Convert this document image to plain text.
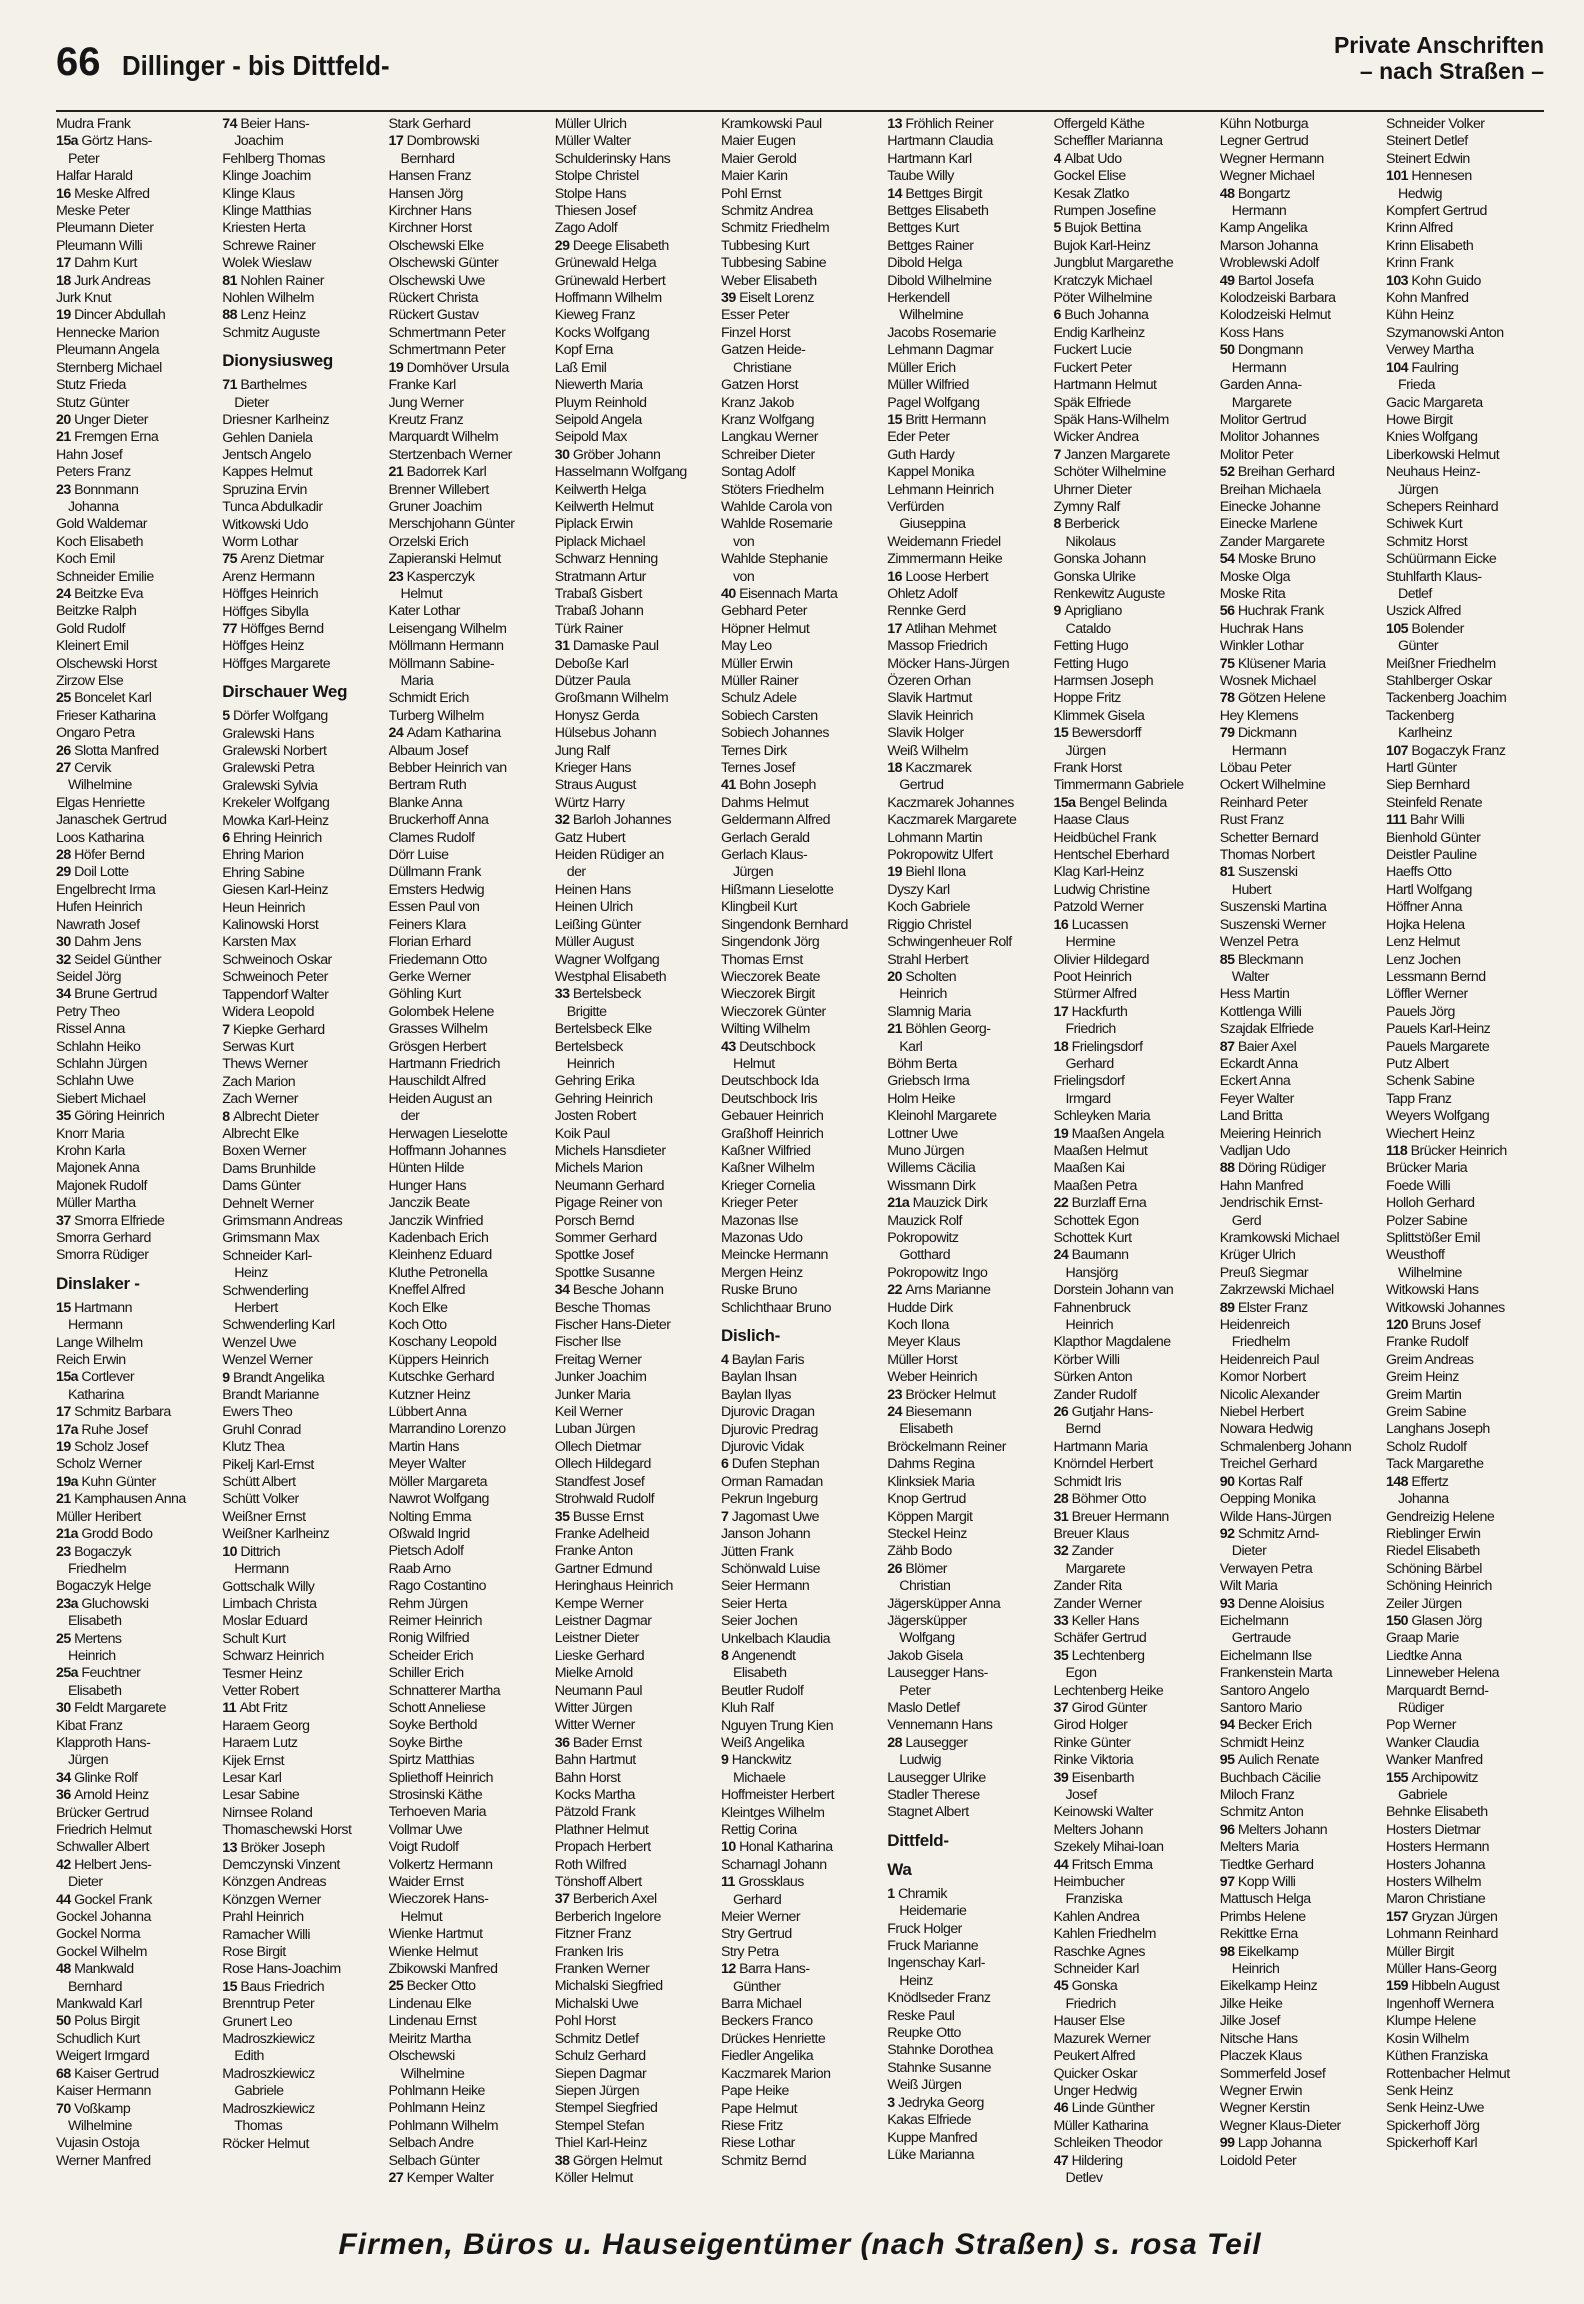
66 Dillinger - bis Dittfeld-
Private Anschriften
– nach Straßen –
Mudra Frank
15a Görtz Hans-
Peter
Halfar Harald
16 Meske Alfred
Meske Peter
Pleumann Dieter
Pleumann Willi
17 Dahm Kurt
18 Jurk Andreas
Jurk Knut
19 Dincer Abdullah
Hennecke Marion
Pleumann Angela
Sternberg Michael
Stutz Frieda
Stutz Günter
20 Unger Dieter
21 Fremgen Erna
Hahn Josef
Peters Franz
23 Bonnmann
Johanna
Gold Waldemar
Koch Elisabeth
Koch Emil
Schneider Emilie
24 Beitzke Eva
Beitzke Ralph
Gold Rudolf
Kleinert Emil
Olschewski Horst
Zirzow Else
25 Boncelet Karl
Frieser Katharina
Ongaro Petra
26 Slotta Manfred
27 Cervik
Wilhelmine
Elgas Henriette
Janaschek Gertrud
Loos Katharina
28 Höfer Bernd
29 Doil Lotte
Engelbrecht Irma
Hufen Heinrich
Nawrath Josef
30 Dahm Jens
32 Seidel Günther
Seidel Jörg
34 Brune Gertrud
Petry Theo
Rissel Anna
Schlahn Heiko
Schlahn Jürgen
Schlahn Uwe
Siebert Michael
35 Göring Heinrich
Knorr Maria
Krohn Karla
Majonek Anna
Majonek Rudolf
Müller Martha
37 Smorra Elfriede
Smorra Gerhard
Smorra Rüdiger
Dinslaker -
15 Hartmann
Hermann
Lange Wilhelm
Reich Erwin
15a Cortlever
Katharina
17 Schmitz Barbara
17a Ruhe Josef
19 Scholz Josef
Scholz Werner
19a Kuhn Günter
21 Kamphausen Anna
Müller Heribert
21a Grodd Bodo
23 Bogaczyk
Friedhelm
Bogaczyk Helge
23a Gluchowski
Elisabeth
25 Mertens
Heinrich
25a Feuchtner
Elisabeth
30 Feldt Margarete
Kibat Franz
Klapproth Hans-
Jürgen
34 Glinke Rolf
36 Arnold Heinz
Brücker Gertrud
Friedrich Helmut
Schwaller Albert
42 Helbert Jens-
Dieter
44 Gockel Frank
Gockel Johanna
Gockel Norma
Gockel Wilhelm
48 Mankwald
Bernhard
Mankwald Karl
50 Polus Birgit
Schudlich Kurt
Weigert Irmgard
68 Kaiser Gertrud
Kaiser Hermann
70 Voßkamp
Wilhelmine
Vujasin Ostoja
Werner Manfred
74 Beier Hans-
Joachim
Fehlberg Thomas
Klinge Joachim
Klinge Klaus
Klinge Matthias
Kriesten Herta
Schrewe Rainer
Wolek Wieslaw
81 Nohlen Rainer
Nohlen Wilhelm
88 Lenz Heinz
Schmitz Auguste
Dionysiusweg
71 Barthelmes
Dieter
Driesner Karlheinz
Gehlen Daniela
Jentsch Angelo
Kappes Helmut
Spruzina Ervin
Tunca Abdulkadir
Witkowski Udo
Worm Lothar
75 Arenz Dietmar
Arenz Hermann
Höffges Heinrich
Höffges Sibylla
77 Höffges Bernd
Höffges Heinz
Höffges Margarete
Dirschauer Weg
5 Dörfer Wolfgang
Gralewski Hans
Gralewski Norbert
Gralewski Petra
Gralewski Sylvia
Krekeler Wolfgang
Mowka Karl-Heinz
6 Ehring Heinrich
Ehring Marion
Ehring Sabine
Giesen Karl-Heinz
Heun Heinrich
Kalinowski Horst
Karsten Max
Schweinoch Oskar
Schweinoch Peter
Tappendorf Walter
Widera Leopold
7 Kiepke Gerhard
Serwas Kurt
Thews Werner
Zach Marion
Zach Werner
8 Albrecht Dieter
Albrecht Elke
Boxen Werner
Dams Brunhilde
Dams Günter
Dehnelt Werner
Grimsmann Andreas
Grimsmann Max
Schneider Karl-
Heinz
Schwenderling
Herbert
Schwenderling Karl
Wenzel Uwe
Wenzel Werner
9 Brandt Angelika
Brandt Marianne
Ewers Theo
Gruhl Conrad
Klutz Thea
Pikelj Karl-Ernst
Schütt Albert
Schütt Volker
Weißner Ernst
Weißner Karlheinz
10 Dittrich
Hermann
Gottschalk Willy
Limbach Christa
Moslar Eduard
Schult Kurt
Schwarz Heinrich
Tesmer Heinz
Vetter Robert
11 Abt Fritz
Haraem Georg
Haraem Lutz
Kijek Ernst
Lesar Karl
Lesar Sabine
Nirnsee Roland
Thomaschewski Horst
13 Bröker Joseph
Demczynski Vinzent
Könzgen Andreas
Könzgen Werner
Prahl Heinrich
Ramacher Willi
Rose Birgit
Rose Hans-Joachim
15 Baus Friedrich
Brenntrup Peter
Grunert Leo
Madroszkiewicz
Edith
Madroszkiewicz
Gabriele
Madroszkiewicz
Thomas
Röcker Helmut
Stark Gerhard
17 Dombrowski
Bernhard
Hansen Franz
Hansen Jörg
Kirchner Hans
Kirchner Horst
Olschewski Elke
Olschewski Günter
Olschewski Uwe
Rückert Christa
Rückert Gustav
Schmertmann Peter
Schmertmann Peter
19 Domhöver Ursula
Franke Karl
Jung Werner
Kreutz Franz
Marquardt Wilhelm
Stertzenbach Werner
21 Badorrek Karl
Brenner Willebert
Gruner Joachim
Merschjohann Günter
Orzelski Erich
Zapieranski Helmut
23 Kasperczyk
Helmut
Kater Lothar
Leisengang Wilhelm
Möllmann Hermann
Möllmann Sabine-
Maria
Schmidt Erich
Turberg Wilhelm
24 Adam Katharina
Albaum Josef
Bebber Heinrich van
Bertram Ruth
Blanke Anna
Bruckerhoff Anna
Clames Rudolf
Dörr Luise
Düllmann Frank
Emsters Hedwig
Essen Paul von
Feiners Klara
Florian Erhard
Friedemann Otto
Gerke Werner
Göhling Kurt
Golombek Helene
Grasses Wilhelm
Grösgen Herbert
Hartmann Friedrich
Hauschildt Alfred
Heiden August an
der
Herwagen Lieselotte
Hoffmann Johannes
Hünten Hilde
Hunger Hans
Janczik Beate
Janczik Winfried
Kadenbach Erich
Kleinhenz Eduard
Kluthe Petronella
Kneffel Alfred
Koch Elke
Koch Otto
Koschany Leopold
Küppers Heinrich
Kutschke Gerhard
Kutzner Heinz
Lübbert Anna
Marrandino Lorenzo
Martin Hans
Meyer Walter
Möller Margareta
Nawrot Wolfgang
Nolting Emma
Oßwald Ingrid
Pietsch Adolf
Raab Arno
Rago Costantino
Rehm Jürgen
Reimer Heinrich
Ronig Wilfried
Scheider Erich
Schiller Erich
Schnatterer Martha
Schott Anneliese
Soyke Berthold
Soyke Birthe
Spirtz Matthias
Spliethoff Heinrich
Strosinski Käthe
Terhoeven Maria
Vollmar Uwe
Voigt Rudolf
Volkertz Hermann
Waider Ernst
Wieczorek Hans-
Helmut
Wienke Hartmut
Wienke Helmut
Zbikowski Manfred
25 Becker Otto
Lindenau Elke
Lindenau Ernst
Meiritz Martha
Olschewski
Wilhelmine
Pohlmann Heike
Pohlmann Heinz
Pohlmann Wilhelm
Selbach Andre
Selbach Günter
27 Kemper Walter
Müller Ulrich
Müller Walter
Schulderinsky Hans
Stolpe Christel
Stolpe Hans
Thiesen Josef
Zago Adolf
29 Deege Elisabeth
Grünewald Helga
Grünewald Herbert
Hoffmann Wilhelm
Kieweg Franz
Kocks Wolfgang
Kopf Erna
Laß Emil
Niewerth Maria
Pluym Reinhold
Seipold Angela
Seipold Max
30 Gröber Johann
Hasselmann Wolfgang
Keilwerth Helga
Keilwerth Helmut
Piplack Erwin
Piplack Michael
Schwarz Henning
Stratmann Artur
Trabaß Gisbert
Trabaß Johann
Türk Rainer
31 Damaske Paul
Deboße Karl
Dützer Paula
Großmann Wilhelm
Honysz Gerda
Hülsebus Johann
Jung Ralf
Krieger Hans
Straus August
Würtz Harry
32 Barloh Johannes
Gatz Hubert
Heiden Rüdiger an
der
Heinen Hans
Heinen Ulrich
Leißing Günter
Müller August
Wagner Wolfgang
Westphal Elisabeth
33 Bertelsbeck
Brigitte
Bertelsbeck Elke
Bertelsbeck
Heinrich
Gehring Erika
Gehring Heinrich
Josten Robert
Koik Paul
Michels Hansdieter
Michels Marion
Neumann Gerhard
Pigage Reiner von
Porsch Bernd
Sommer Gerhard
Spottke Josef
Spottke Susanne
34 Besche Johann
Besche Thomas
Fischer Hans-Dieter
Fischer Ilse
Freitag Werner
Junker Joachim
Junker Maria
Keil Werner
Luban Jürgen
Ollech Dietmar
Ollech Hildegard
Standfest Josef
Strohwald Rudolf
35 Busse Ernst
Franke Adelheid
Franke Anton
Gartner Edmund
Heringhaus Heinrich
Kempe Werner
Leistner Dagmar
Leistner Dieter
Lieske Gerhard
Mielke Arnold
Neumann Paul
Witter Jürgen
Witter Werner
36 Bader Ernst
Bahn Hartmut
Bahn Horst
Kocks Martha
Pätzold Frank
Plathner Helmut
Propach Herbert
Roth Wilfred
Tönshoff Albert
37 Berberich Axel
Berberich Ingelore
Fitzner Franz
Franken Iris
Franken Werner
Michalski Siegfried
Michalski Uwe
Pohl Horst
Schmitz Detlef
Schulz Gerhard
Siepen Dagmar
Siepen Jürgen
Stempel Siegfried
Stempel Stefan
Thiel Karl-Heinz
38 Görgen Helmut
Köller Helmut
Kramkowski Paul
Maier Eugen
Maier Gerold
Maier Karin
Pohl Ernst
Schmitz Andrea
Schmitz Friedhelm
Tubbesing Kurt
Tubbesing Sabine
Weber Elisabeth
39 Eiselt Lorenz
Esser Peter
Finzel Horst
Gatzen Heide-
Christiane
Gatzen Horst
Kranz Jakob
Kranz Wolfgang
Langkau Werner
Schreiber Dieter
Sontag Adolf
Stöters Friedhelm
Wahlde Carola von
Wahlde Rosemarie
von
Wahlde Stephanie
von
40 Eisennach Marta
Gebhard Peter
Höpner Helmut
May Leo
Müller Erwin
Müller Rainer
Schulz Adele
Sobiech Carsten
Sobiech Johannes
Ternes Dirk
Ternes Josef
41 Bohn Joseph
Dahms Helmut
Geldermann Alfred
Gerlach Gerald
Gerlach Klaus-
Jürgen
Hißmann Lieselotte
Klingbeil Kurt
Singendonk Bernhard
Singendonk Jörg
Thomas Ernst
Wieczorek Beate
Wieczorek Birgit
Wieczorek Günter
Wilting Wilhelm
43 Deutschbock
Helmut
Deutschbock Ida
Deutschbock Iris
Gebauer Heinrich
Graßhoff Heinrich
Kaßner Wilfried
Kaßner Wilhelm
Krieger Cornelia
Krieger Peter
Mazonas Ilse
Mazonas Udo
Meincke Hermann
Mergen Heinz
Ruske Bruno
Schlichthaar Bruno
Dislich-
4 Baylan Faris
Baylan Ihsan
Baylan Ilyas
Djurovic Dragan
Djurovic Predrag
Djurovic Vidak
6 Dufen Stephan
Orman Ramadan
Pekrun Ingeburg
7 Jagomast Uwe
Janson Johann
Jütten Frank
Schönwald Luise
Seier Hermann
Seier Herta
Seier Jochen
Unkelbach Klaudia
8 Angenendt
Elisabeth
Beutler Rudolf
Kluh Ralf
Nguyen Trung Kien
Weiß Angelika
9 Hanckwitz
Michaele
Hoffmeister Herbert
Kleintges Wilhelm
Rettig Corina
10 Honal Katharina
Scharnagl Johann
11 Grossklaus
Gerhard
Meier Werner
Stry Gertrud
Stry Petra
12 Barra Hans-
Günther
Barra Michael
Beckers Franco
Drückes Henriette
Fiedler Angelika
Kaczmarek Marion
Pape Heike
Pape Helmut
Riese Fritz
Riese Lothar
Schmitz Bernd
13 Fröhlich Reiner
Hartmann Claudia
Hartmann Karl
Taube Willy
14 Bettges Birgit
Bettges Elisabeth
Bettges Kurt
Bettges Rainer
Dibold Helga
Dibold Wilhelmine
Herkendell
Wilhelmine
Jacobs Rosemarie
Lehmann Dagmar
Müller Erich
Müller Wilfried
Pagel Wolfgang
15 Britt Hermann
Eder Peter
Guth Hardy
Kappel Monika
Lehmann Heinrich
Verfürden
Giuseppina
Weidemann Friedel
Zimmermann Heike
16 Loose Herbert
Ohletz Adolf
Rennke Gerd
17 Atlihan Mehmet
Massop Friedrich
Möcker Hans-Jürgen
Özeren Orhan
Slavik Hartmut
Slavik Heinrich
Slavik Holger
Weiß Wilhelm
18 Kaczmarek
Gertrud
Kaczmarek Johannes
Kaczmarek Margarete
Lohmann Martin
Pokropowitz Ulfert
19 Biehl Ilona
Dyszy Karl
Koch Gabriele
Riggio Christel
Schwingenheuer Rolf
Strahl Herbert
20 Scholten
Heinrich
Slamnig Maria
21 Böhlen Georg-
Karl
Böhm Berta
Griebsch Irma
Holm Heike
Kleinohl Margarete
Lottner Uwe
Muno Jürgen
Willems Cäcilia
Wissmann Dirk
21a Mauzick Dirk
Mauzick Rolf
Pokropowitz
Gotthard
Pokropowitz Ingo
22 Arns Marianne
Hudde Dirk
Koch Ilona
Meyer Klaus
Müller Horst
Weber Heinrich
23 Bröcker Helmut
24 Biesemann
Elisabeth
Bröckelmann Reiner
Dahms Regina
Klinksiek Maria
Knop Gertrud
Köppen Margit
Steckel Heinz
Zähb Bodo
26 Blömer
Christian
Jägersküpper Anna
Jägersküpper
Wolfgang
Jakob Gisela
Lausegger Hans-
Peter
Maslo Detlef
Vennemann Hans
28 Lausegger
Ludwig
Lausegger Ulrike
Stadler Therese
Stagnet Albert
Dittfeld-
Wa
1 Chramik
Heidemarie
Fruck Holger
Fruck Marianne
Ingenschay Karl-
Heinz
Knödlseder Franz
Reske Paul
Reupke Otto
Stahnke Dorothea
Stahnke Susanne
Weiß Jürgen
3 Jedryka Georg
Kakas Elfriede
Kuppe Manfred
Lüke Marianna
Offergeld Käthe
Scheffler Marianna
4 Albat Udo
Gockel Elise
Kesak Zlatko
Rumpen Josefine
5 Bujok Bettina
Bujok Karl-Heinz
Jungblut Margarethe
Kratczyk Michael
Pöter Wilhelmine
6 Buch Johanna
Endig Karlheinz
Fuckert Lucie
Fuckert Peter
Hartmann Helmut
Späk Elfriede
Späk Hans-Wilhelm
Wicker Andrea
7 Janzen Margarete
Schöter Wilhelmine
Uhrner Dieter
Zymny Ralf
8 Berberick
Nikolaus
Gonska Johann
Gonska Ulrike
Renkewitz Auguste
9 Aprigliano
Cataldo
Fetting Hugo
Fetting Hugo
Harmsen Joseph
Hoppe Fritz
Klimmek Gisela
15 Bewersdorff
Jürgen
Frank Horst
Timmermann Gabriele
15a Bengel Belinda
Haase Claus
Heidbüchel Frank
Hentschel Eberhard
Klag Karl-Heinz
Ludwig Christine
Patzold Werner
16 Lucassen
Hermine
Olivier Hildegard
Poot Heinrich
Stürmer Alfred
17 Hackfurth
Friedrich
18 Frielingsdorf
Gerhard
Frielingsdorf
Irmgard
Schleyken Maria
19 Maaßen Angela
Maaßen Helmut
Maaßen Kai
Maaßen Petra
22 Burzlaff Erna
Schottek Egon
Schottek Kurt
24 Baumann
Hansjörg
Dorstein Johann van
Fahnenbruck
Heinrich
Klapthor Magdalene
Körber Willi
Sürken Anton
Zander Rudolf
26 Gutjahr Hans-
Bernd
Hartmann Maria
Knörndel Herbert
Schmidt Iris
28 Böhmer Otto
31 Breuer Hermann
Breuer Klaus
32 Zander
Margarete
Zander Rita
Zander Werner
33 Keller Hans
Schäfer Gertrud
35 Lechtenberg
Egon
Lechtenberg Heike
37 Girod Günter
Girod Holger
Rinke Günter
Rinke Viktoria
39 Eisenbarth
Josef
Keinowski Walter
Melters Johann
Szekely Mihai-Ioan
44 Fritsch Emma
Heimbucher
Franziska
Kahlen Andrea
Kahlen Friedhelm
Raschke Agnes
Schneider Karl
45 Gonska
Friedrich
Hauser Else
Mazurek Werner
Peukert Alfred
Quicker Oskar
Unger Hedwig
46 Linde Günther
Müller Katharina
Schleiken Theodor
47 Hildering
Detlev
Kühn Notburga
Legner Gertrud
Wegner Hermann
Wegner Michael
48 Bongartz
Hermann
Kamp Angelika
Marson Johanna
Wroblewski Adolf
49 Bartol Josefa
Kolodzeiski Barbara
Kolodzeiski Helmut
Koss Hans
50 Dongmann
Hermann
Garden Anna-
Margarete
Molitor Gertrud
Molitor Johannes
Molitor Peter
52 Breihan Gerhard
Breihan Michaela
Einecke Johanne
Einecke Marlene
Zander Margarete
54 Moske Bruno
Moske Olga
Moske Rita
56 Huchrak Frank
Huchrak Hans
Winkler Lothar
75 Klüsener Maria
Wosnek Michael
78 Götzen Helene
Hey Klemens
79 Dickmann
Hermann
Löbau Peter
Ockert Wilhelmine
Reinhard Peter
Rust Franz
Schetter Bernard
Thomas Norbert
81 Suszenski
Hubert
Suszenski Martina
Suszenski Werner
Wenzel Petra
85 Bleckmann
Walter
Hess Martin
Kottlenga Willi
Szajdak Elfriede
87 Baier Axel
Eckardt Anna
Eckert Anna
Feyer Walter
Land Britta
Meiering Heinrich
Vadljan Udo
88 Döring Rüdiger
Hahn Manfred
Jendrischik Ernst-
Gerd
Kramkowski Michael
Krüger Ulrich
Preuß Siegmar
Zakrzewski Michael
89 Elster Franz
Heidenreich
Friedhelm
Heidenreich Paul
Komor Norbert
Nicolic Alexander
Niebel Herbert
Nowara Hedwig
Schmalenberg Johann
Treichel Gerhard
90 Kortas Ralf
Oepping Monika
Wilde Hans-Jürgen
92 Schmitz Arnd-
Dieter
Verwayen Petra
Wilt Maria
93 Denne Aloisius
Eichelmann
Gertraude
Eichelmann Ilse
Frankenstein Marta
Santoro Angelo
Santoro Mario
94 Becker Erich
Schmidt Heinz
95 Aulich Renate
Buchbach Cäcilie
Miloch Franz
Schmitz Anton
96 Melters Johann
Melters Maria
Tiedtke Gerhard
97 Kopp Willi
Mattusch Helga
Primbs Helene
Rekittke Erna
98 Eikelkamp
Heinrich
Eikelkamp Heinz
Jilke Heike
Jilke Josef
Nitsche Hans
Placzek Klaus
Sommerfeld Josef
Wegner Erwin
Wegner Kerstin
Wegner Klaus-Dieter
99 Lapp Johanna
Loidold Peter
Schneider Volker
Steinert Detlef
Steinert Edwin
101 Hennesen
Hedwig
Kompfert Gertrud
Krinn Alfred
Krinn Elisabeth
Krinn Frank
103 Kohn Guido
Kohn Manfred
Kühn Heinz
Szymanowski Anton
Verwey Martha
104 Faulring
Frieda
Gacic Margareta
Howe Birgit
Knies Wolfgang
Liberkowski Helmut
Neuhaus Heinz-
Jürgen
Schepers Reinhard
Schiwek Kurt
Schmitz Horst
Schüürmann Eicke
Stuhlfarth Klaus-
Detlef
Uszick Alfred
105 Bolender
Günter
Meißner Friedhelm
Stahlberger Oskar
Tackenberg Joachim
Tackenberg
Karlheinz
107 Bogaczyk Franz
Hartl Günter
Siep Bernhard
Steinfeld Renate
111 Bahr Willi
Bienhold Günter
Deistler Pauline
Haeffs Otto
Hartl Wolfgang
Höffner Anna
Hojka Helena
Lenz Helmut
Lenz Jochen
Lessmann Bernd
Löffler Werner
Pauels Jörg
Pauels Karl-Heinz
Pauels Margarete
Putz Albert
Schenk Sabine
Tapp Franz
Weyers Wolfgang
Wiechert Heinz
118 Brücker Heinrich
Brücker Maria
Foede Willi
Holloh Gerhard
Polzer Sabine
Splittstößer Emil
Weusthoff
Wilhelmine
Witkowski Hans
Witkowski Johannes
120 Bruns Josef
Franke Rudolf
Greim Andreas
Greim Heinz
Greim Martin
Greim Sabine
Langhans Joseph
Scholz Rudolf
Tack Margarethe
148 Effertz
Johanna
Gendreizig Helene
Rieblinger Erwin
Riedel Elisabeth
Schöning Bärbel
Schöning Heinrich
Zeiler Jürgen
150 Glasen Jörg
Graap Marie
Liedtke Anna
Linneweber Helena
Marquardt Bernd-
Rüdiger
Pop Werner
Wanker Claudia
Wanker Manfred
155 Archipowitz
Gabriele
Behnke Elisabeth
Hosters Dietmar
Hosters Hermann
Hosters Johanna
Hosters Wilhelm
Maron Christiane
157 Gryzan Jürgen
Lohmann Reinhard
Müller Birgit
Müller Hans-Georg
159 Hibbeln August
Ingenhoff Wernera
Klumpe Helene
Kosin Wilhelm
Küthen Franziska
Rottenbacher Helmut
Senk Heinz
Senk Heinz-Uwe
Spickerhoff Jörg
Spickerhoff Karl
Firmen, Büros u. Hauseigentümer (nach Straßen) s. rosa Teil
